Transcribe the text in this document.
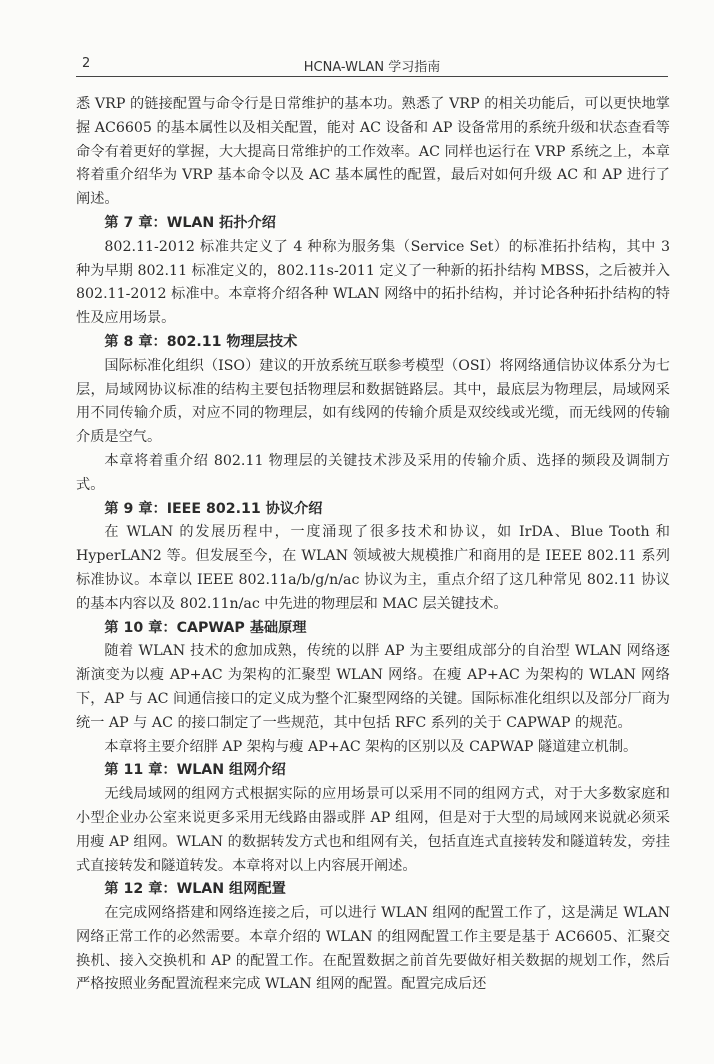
2	HCNA-WLAN 学习指南

悉 VRP 的链接配置与命令行是日常维护的基本功。熟悉了 VRP 的相关功能后，可以更快地掌握 AC6605 的基本属性以及相关配置，能对 AC 设备和 AP 设备常用的系统升级和状态查看等命令有着更好的掌握，大大提高日常维护的工作效率。AC 同样也运行在 VRP 系统之上，本章将着重介绍华为 VRP 基本命令以及 AC 基本属性的配置，最后对如何升级 AC 和 AP 进行了阐述。

第 7 章：WLAN 拓扑介绍

802.11-2012 标准共定义了 4 种称为服务集（Service Set）的标准拓扑结构，其中 3 种为早期 802.11 标准定义的，802.11s-2011 定义了一种新的拓扑结构 MBSS，之后被并入 802.11-2012 标准中。本章将介绍各种 WLAN 网络中的拓扑结构，并讨论各种拓扑结构的特性及应用场景。

第 8 章：802.11 物理层技术

国际标准化组织（ISO）建议的开放系统互联参考模型（OSI）将网络通信协议体系分为七层，局域网协议标准的结构主要包括物理层和数据链路层。其中，最底层为物理层，局域网采用不同传输介质，对应不同的物理层，如有线网的传输介质是双绞线或光缆，而无线网的传输介质是空气。

本章将着重介绍 802.11 物理层的关键技术涉及采用的传输介质、选择的频段及调制方式。

第 9 章：IEEE 802.11 协议介绍

在 WLAN 的发展历程中，一度涌现了很多技术和协议，如 IrDA、Blue Tooth 和 HyperLAN2 等。但发展至今，在 WLAN 领域被大规模推广和商用的是 IEEE 802.11 系列标准协议。本章以 IEEE 802.11a/b/g/n/ac 协议为主，重点介绍了这几种常见 802.11 协议的基本内容以及 802.11n/ac 中先进的物理层和 MAC 层关键技术。

第 10 章：CAPWAP 基础原理

随着 WLAN 技术的愈加成熟，传统的以胖 AP 为主要组成部分的自治型 WLAN 网络逐渐演变为以瘦 AP+AC 为架构的汇聚型 WLAN 网络。在瘦 AP+AC 为架构的 WLAN 网络下，AP 与 AC 间通信接口的定义成为整个汇聚型网络的关键。国际标准化组织以及部分厂商为统一 AP 与 AC 的接口制定了一些规范，其中包括 RFC 系列的关于 CAPWAP 的规范。

本章将主要介绍胖 AP 架构与瘦 AP+AC 架构的区别以及 CAPWAP 隧道建立机制。

第 11 章：WLAN 组网介绍

无线局域网的组网方式根据实际的应用场景可以采用不同的组网方式，对于大多数家庭和小型企业办公室来说更多采用无线路由器或胖 AP 组网，但是对于大型的局域网来说就必须采用瘦 AP 组网。WLAN 的数据转发方式也和组网有关，包括直连式直接转发和隧道转发，旁挂式直接转发和隧道转发。本章将对以上内容展开阐述。

第 12 章：WLAN 组网配置

在完成网络搭建和网络连接之后，可以进行 WLAN 组网的配置工作了，这是满足 WLAN 网络正常工作的必然需要。本章介绍的 WLAN 的组网配置工作主要是基于 AC6605、汇聚交换机、接入交换机和 AP 的配置工作。在配置数据之前首先要做好相关数据的规划工作，然后严格按照业务配置流程来完成 WLAN 组网的配置。配置完成后还
